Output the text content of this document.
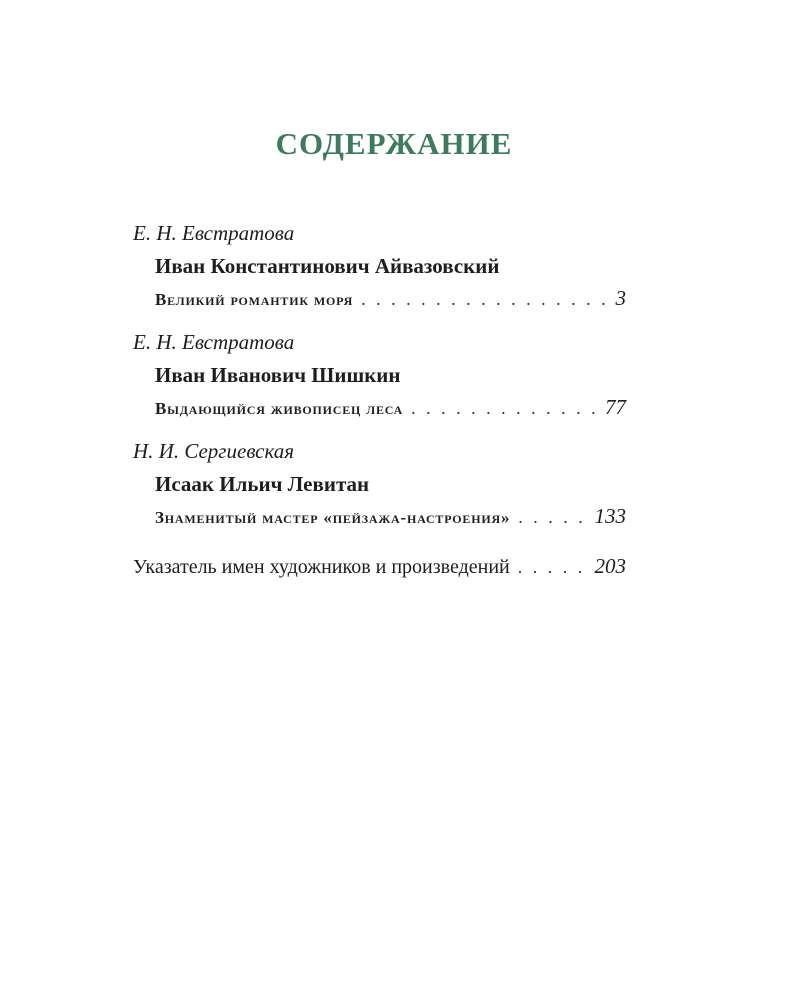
СОДЕРЖАНИЕ
Е. Н. Евстратова
Иван Константинович Айвазовский
Великий романтик моря . . .	3
Е. Н. Евстратова
Иван Иванович Шишкин
Выдающийся живописец леса . . .	77
Н. И. Сергиевская
Исаак Ильич Левитан
Знаменитый мастер «пейзажа-настроения» . . .	133
Указатель имен художников и произведений . . .	203
